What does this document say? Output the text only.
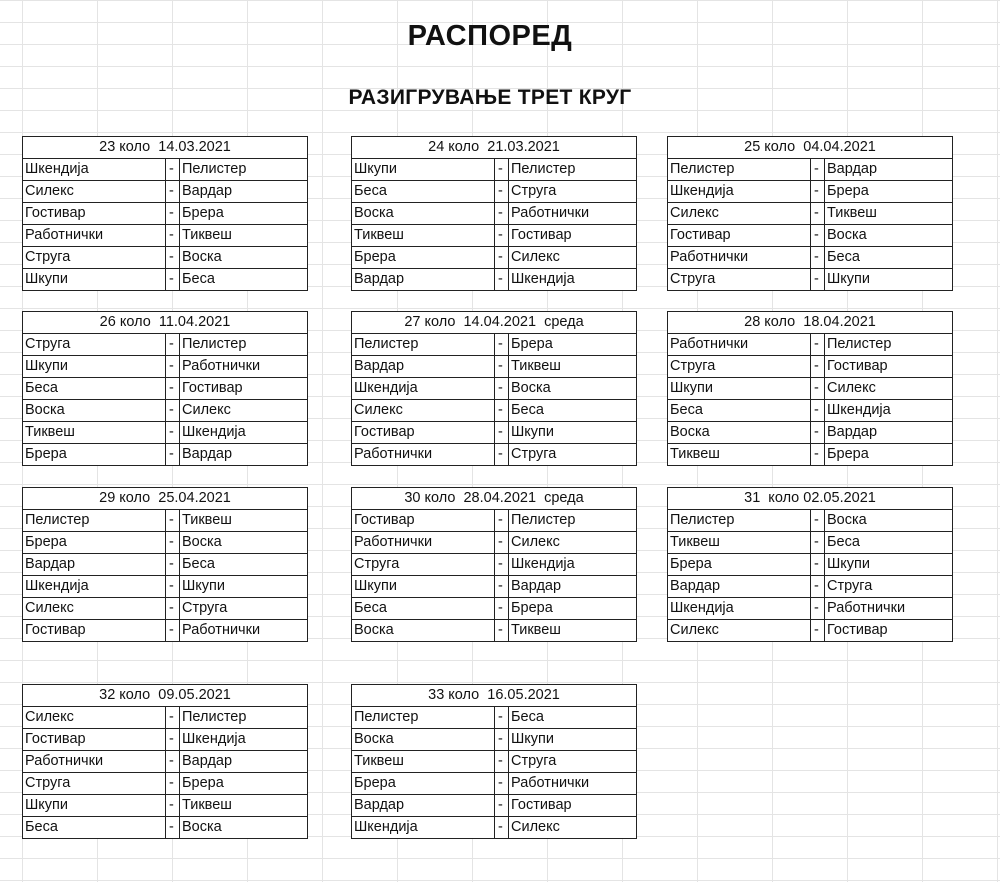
РАСПОРЕД
РАЗИГРУВАЊЕ ТРЕТ КРУГ
23 коло  14.03.2021
Шкендија	- Пелистер
Силекс	- Вардар
Гостивар	- Брера
Работнички	- Тиквеш
Струга	- Воска
Шкупи	- Беса
24 коло  21.03.2021
Шкупи	- Пелистер
Беса	- Струга
Воска	- Работнички
Тиквеш	- Гостивар
Брера	- Силекс
Вардар	- Шкендија
25 коло  04.04.2021
Пелистер	- Вардар
Шкендија	- Брера
Силекс	- Тиквеш
Гостивар	- Воска
Работнички	- Беса
Струга	- Шкупи
26 коло  11.04.2021
Струга	- Пелистер
Шкупи	- Работнички
Беса	- Гостивар
Воска	- Силекс
Тиквеш	- Шкендија
Брера	- Вардар
27 коло  14.04.2021  среда
Пелистер	- Брера
Вардар	- Тиквеш
Шкендија	- Воска
Силекс	- Беса
Гостивар	- Шкупи
Работнички	- Струга
28 коло  18.04.2021
Работнички	- Пелистер
Струга	- Гостивар
Шкупи	- Силекс
Беса	- Шкендија
Воска	- Вардар
Тиквеш	- Брера
29 коло  25.04.2021
Пелистер	- Тиквеш
Брера	- Воска
Вардар	- Беса
Шкендија	- Шкупи
Силекс	- Струга
Гостивар	- Работнички
30 коло  28.04.2021  среда
Гостивар	- Пелистер
Работнички	- Силекс
Струга	- Шкендија
Шкупи	- Вардар
Беса	- Брера
Воска	- Тиквеш
31  коло 02.05.2021
Пелистер	- Воска
Тиквеш	- Беса
Брера	- Шкупи
Вардар	- Струга
Шкендија	- Работнички
Силекс	- Гостивар
32 коло  09.05.2021
Силекс	- Пелистер
Гостивар	- Шкендија
Работнички	- Вардар
Струга	- Брера
Шкупи	- Тиквеш
Беса	- Воска
33 коло  16.05.2021
Пелистер	- Беса
Воска	- Шкупи
Тиквеш	- Струга
Брера	- Работнички
Вардар	- Гостивар
Шкендија	- Силекс
